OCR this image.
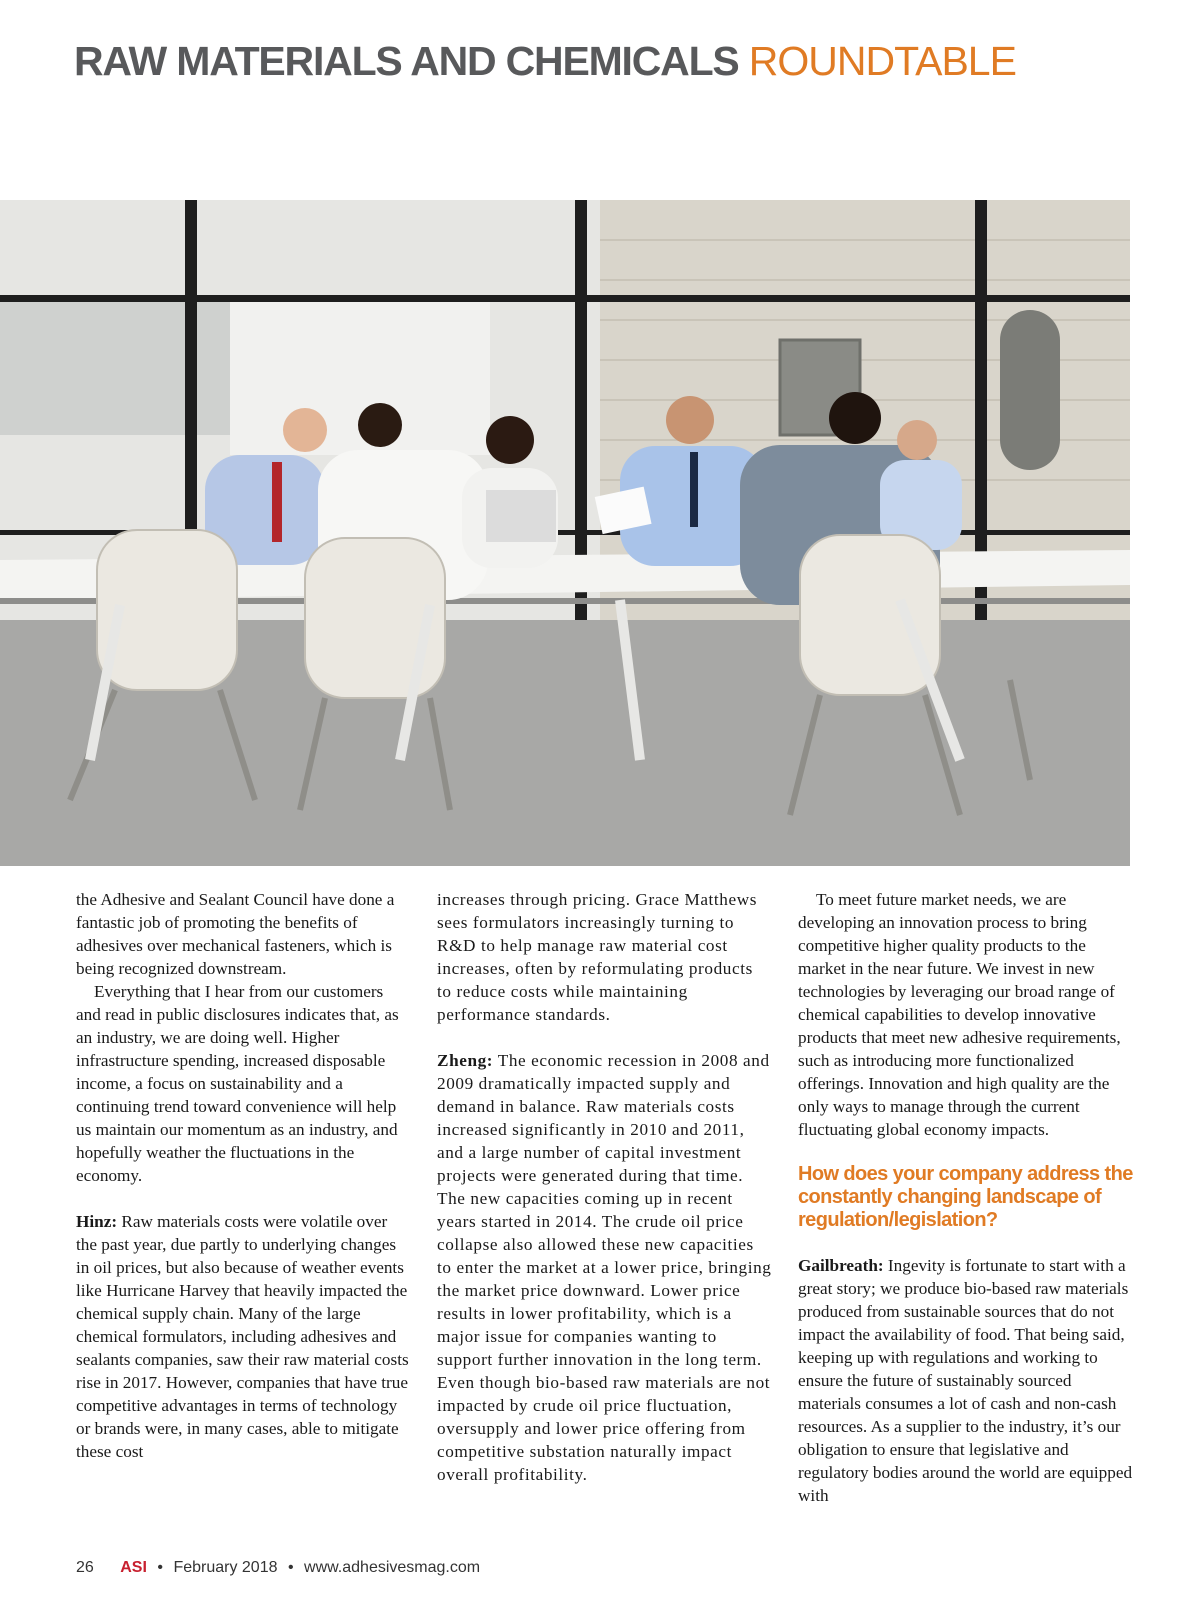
RAW MATERIALS AND CHEMICALS ROUNDTABLE

the Adhesive and Sealant Council have done a fantastic job of promoting the benefits of adhesives over mechanical fasteners, which is being recognized downstream.

Everything that I hear from our customers and read in public disclosures indicates that, as an industry, we are doing well. Higher infrastructure spending, increased disposable income, a focus on sustainability and a continuing trend toward convenience will help us maintain our momentum as an industry, and hopefully weather the fluctuations in the economy.

Hinz: Raw materials costs were volatile over the past year, due partly to underlying changes in oil prices, but also because of weather events like Hurricane Harvey that heavily impacted the chemical supply chain. Many of the large chemical formulators, including adhesives and sealants companies, saw their raw material costs rise in 2017. However, companies that have true competitive advantages in terms of technology or brands were, in many cases, able to mitigate these cost

increases through pricing. Grace Matthews sees formulators increasingly turning to R&D to help manage raw material cost increases, often by reformulating products to reduce costs while maintaining performance standards.

Zheng: The economic recession in 2008 and 2009 dramatically impacted supply and demand in balance. Raw materials costs increased significantly in 2010 and 2011, and a large number of capital investment projects were generated during that time. The new capacities coming up in recent years started in 2014. The crude oil price collapse also allowed these new capacities to enter the market at a lower price, bringing the market price downward. Lower price results in lower profitability, which is a major issue for companies wanting to support further innovation in the long term. Even though bio-based raw materials are not impacted by crude oil price fluctuation, oversupply and lower price offering from competitive substation naturally impact overall profitability.

To meet future market needs, we are developing an innovation process to bring competitive higher quality products to the market in the near future. We invest in new technologies by leveraging our broad range of chemical capabilities to develop innovative products that meet new adhesive requirements, such as introducing more functionalized offerings. Innovation and high quality are the only ways to manage through the current fluctuating global economy impacts.

How does your company address the constantly changing landscape of regulation/legislation?

Gailbreath: Ingevity is fortunate to start with a great story; we produce bio-based raw materials produced from sustainable sources that do not impact the availability of food. That being said, keeping up with regulations and working to ensure the future of sustainably sourced materials consumes a lot of cash and non-cash resources. As a supplier to the industry, it’s our obligation to ensure that legislative and regulatory bodies around the world are equipped with

26 ASI • February 2018 • www.adhesivesmag.com
